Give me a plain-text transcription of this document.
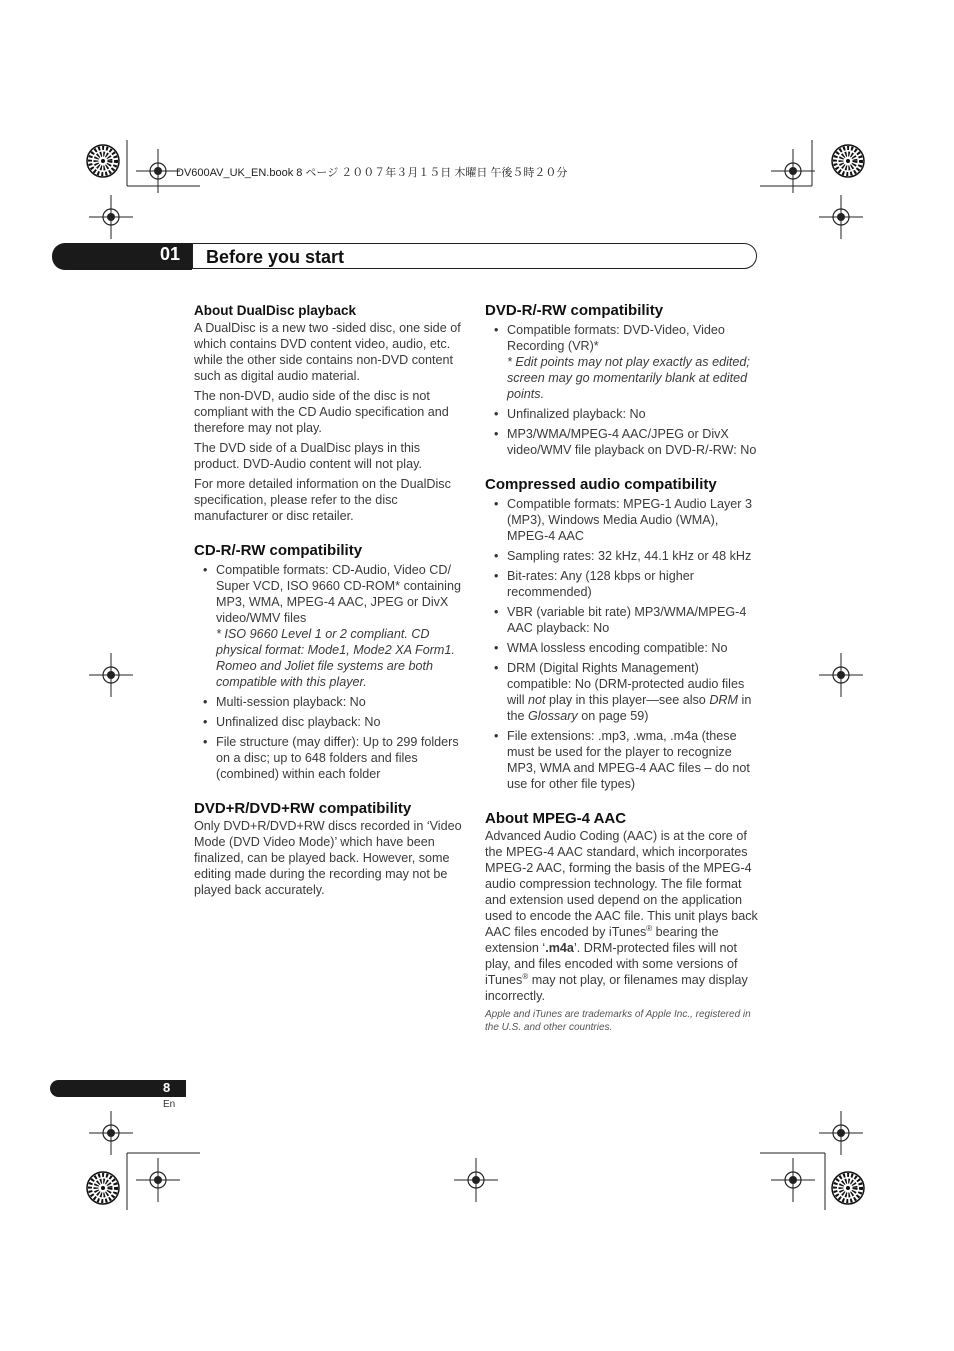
DV600AV_UK_EN.book 8 ページ ２００７年３月１５日 木曜日 午後５時２０分
01 Before you start
About DualDisc playback

A DualDisc is a new two -sided disc, one side of which contains DVD content video, audio, etc. while the other side contains non-DVD content such as digital audio material.

The non-DVD, audio side of the disc is not compliant with the CD Audio specification and therefore may not play.

The DVD side of a DualDisc plays in this product. DVD-Audio content will not play.

For more detailed information on the DualDisc specification, please refer to the disc manufacturer or disc retailer.

CD-R/-RW compatibility
• Compatible formats: CD-Audio, Video CD/ Super VCD, ISO 9660 CD-ROM* containing MP3, WMA, MPEG-4 AAC, JPEG or DivX video/WMV files
* ISO 9660 Level 1 or 2 compliant. CD physical format: Mode1, Mode2 XA Form1. Romeo and Joliet file systems are both compatible with this player.
• Multi-session playback: No
• Unfinalized disc playback: No
• File structure (may differ): Up to 299 folders on a disc; up to 648 folders and files (combined) within each folder
DVD+R/DVD+RW compatibility

Only DVD+R/DVD+RW discs recorded in ‘Video Mode (DVD Video Mode)’ which have been finalized, can be played back. However, some editing made during the recording may not be played back accurately.

DVD-R/-RW compatibility
• Compatible formats: DVD-Video, Video Recording (VR)*
* Edit points may not play exactly as edited; screen may go momentarily blank at edited points.
• Unfinalized playback: No
• MP3/WMA/MPEG-4 AAC/JPEG or DivX video/WMV file playback on DVD-R/-RW: No
Compressed audio compatibility
• Compatible formats: MPEG-1 Audio Layer 3 (MP3), Windows Media Audio (WMA), MPEG-4 AAC
• Sampling rates: 32 kHz, 44.1 kHz or 48 kHz
• Bit-rates: Any (128 kbps or higher recommended)
• VBR (variable bit rate) MP3/WMA/MPEG-4 AAC playback: No
• WMA lossless encoding compatible: No
• DRM (Digital Rights Management) compatible: No (DRM-protected audio files will not play in this player—see also DRM in the Glossary on page 59)
• File extensions: .mp3, .wma, .m4a (these must be used for the player to recognize MP3, WMA and MPEG-4 AAC files – do not use for other file types)
About MPEG-4 AAC

Advanced Audio Coding (AAC) is at the core of the MPEG-4 AAC standard, which incorporates MPEG-2 AAC, forming the basis of the MPEG-4 audio compression technology. The file format and extension used depend on the application used to encode the AAC file. This unit plays back AAC files encoded by iTunes® bearing the extension ‘.m4a’. DRM-protected files will not play, and files encoded with some versions of iTunes® may not play, or filenames may display incorrectly.

Apple and iTunes are trademarks of Apple Inc., registered in the U.S. and other countries.
8
En
